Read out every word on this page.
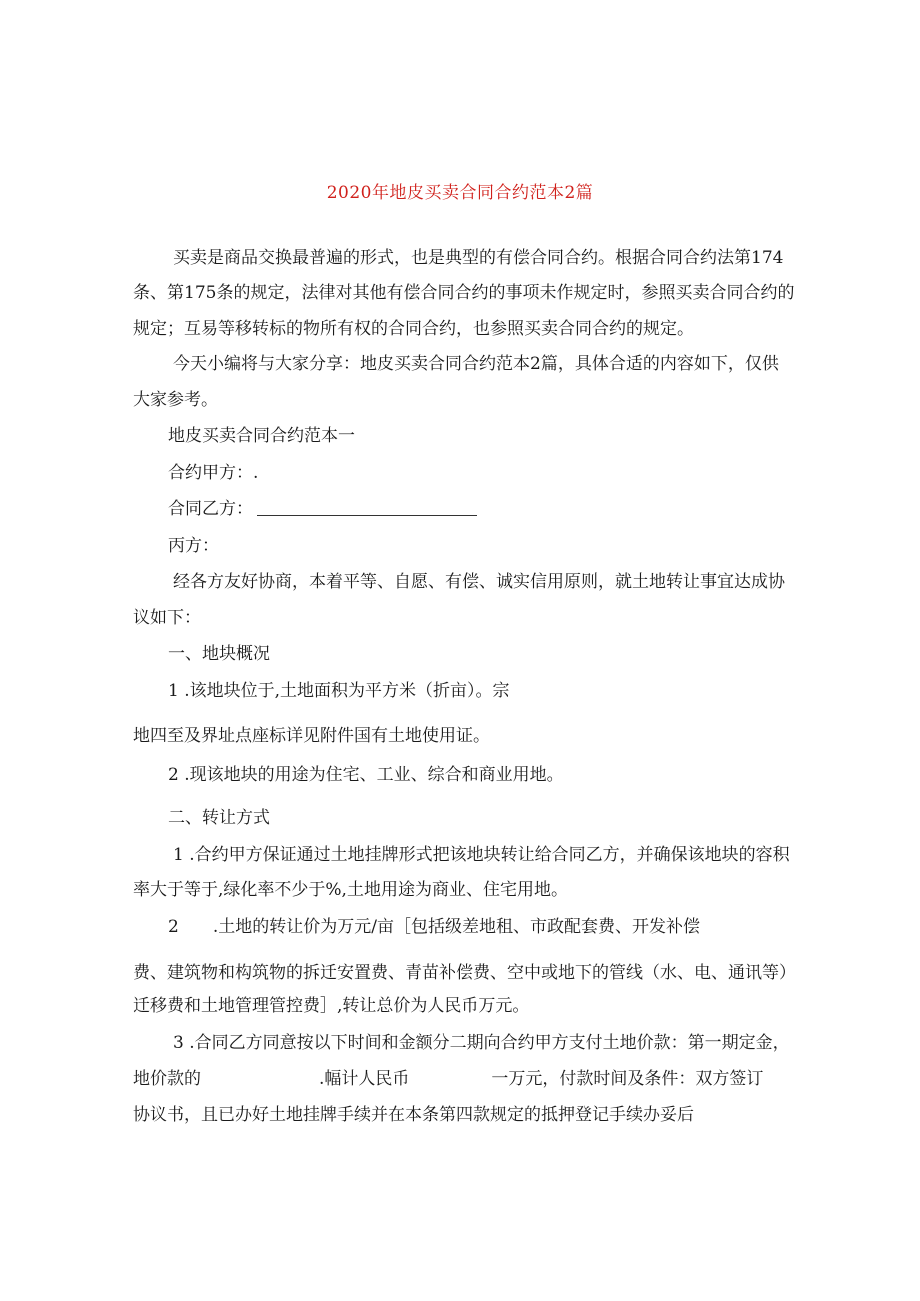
2020年地皮买卖合同合约范本2篇
买卖是商品交换最普遍的形式，也是典型的有偿合同合约。根据合同合约法第174
条、第175条的规定，法律对其他有偿合同合约的事项未作规定时，参照买卖合同合约的
规定；互易等移转标的物所有权的合同合约，也参照买卖合同合约的规定。
今天小编将与大家分享：地皮买卖合同合约范本2篇，具体合适的内容如下，仅供
大家参考。
地皮买卖合同合约范本一
合约甲方：.
合同乙方：
丙方：
经各方友好协商，本着平等、自愿、有偿、诚实信用原则，就土地转让事宜达成协
议如下：
一、地块概况
1 .该地块位于,土地面积为平方米（折亩）。宗
地四至及界址点座标详见附件国有土地使用证。
2 .现该地块的用途为住宅、工业、综合和商业用地。
二、转让方式
1 .合约甲方保证通过土地挂牌形式把该地块转让给合同乙方，并确保该地块的容积
率大于等于,绿化率不少于%,土地用途为商业、住宅用地。
2 .土地的转让价为万元/亩［包括级差地租、市政配套费、开发补偿
费、建筑物和构筑物的拆迁安置费、青苗补偿费、空中或地下的管线（水、电、通讯等）
迁移费和土地管理管控费］,转让总价为人民币万元。
3 .合同乙方同意按以下时间和金额分二期向合约甲方支付土地价款：第一期定金，
地价款的	.幅计人民币	一万元，付款时间及条件：双方签订
协议书，且已办好土地挂牌手续并在本条第四款规定的抵押登记手续办妥后
